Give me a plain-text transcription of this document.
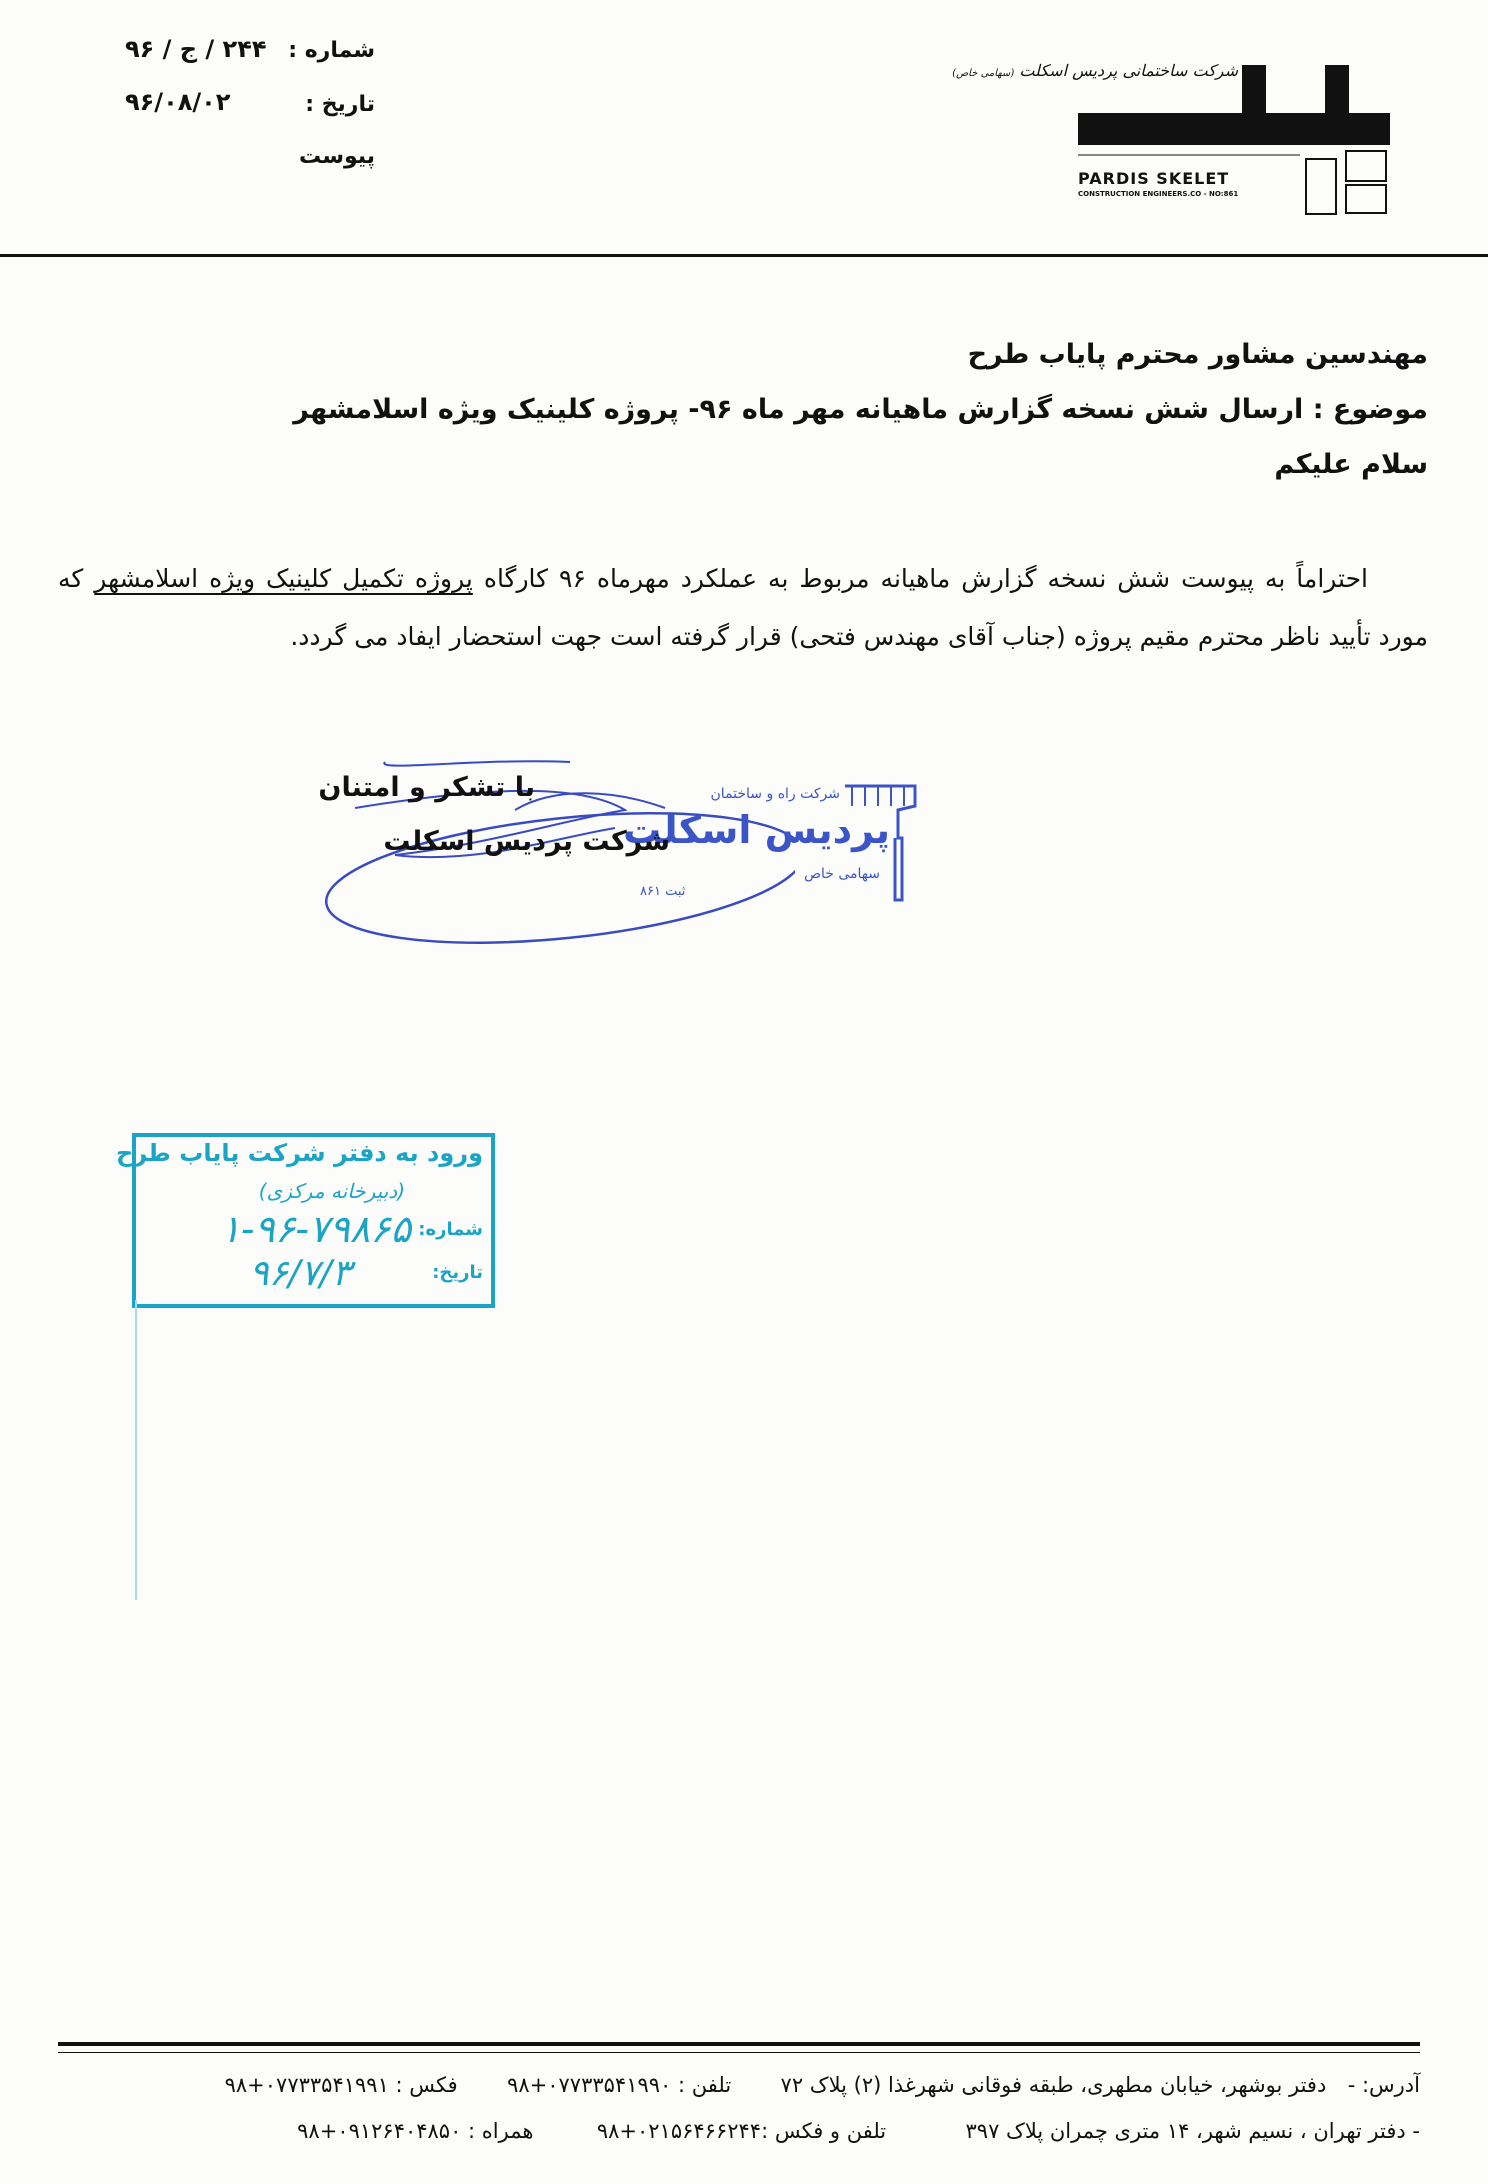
شماره :
۲۴۴ / ج / ۹۶
تاریخ :
۹۶/۰۸/۰۲
پیوست
شرکت ساختمانی پردیس اسکلت (سهامی خاص)
PARDIS SKELET
CONSTRUCTION ENGINEERS.CO - NO:861
مهندسین مشاور محترم پایاب طرح
موضوع : ارسال شش نسخه گزارش ماهیانه مهر ماه ۹۶- پروژه کلینیک ویژه اسلامشهر
سلام علیکم
احتراماً به پیوست شش نسخه گزارش ماهیانه مربوط به عملکرد مهرماه ۹۶ کارگاه پروژه تکمیل کلینیک ویژه اسلامشهر که مورد تأیید ناظر محترم مقیم پروژه (جناب آقای مهندس فتحی) قرار گرفته است جهت استحضار ایفاد می گردد.
شرکت راه و ساختمان
پردیس اسکلت
سهامی خاص
ثبت ۸۶۱
با تشکر و امتنان
شرکت پردیس اسکلت
ورود به دفتر شرکت پایاب طرح
(دبیرخانه مرکزی)
شماره:
۱-۹۶-۷۹۸۶۵
تاریخ:
۹۶/۷/۳
آدرس: -  دفتر بوشهر، خیابان مطهری، طبقه فوقانی شهرغذا (۲) پلاک ۷۲  تلفن : ۰۷۷۳۳۵۴۱۹۹۰+۹۸  فکس : ۰۷۷۳۳۵۴۱۹۹۱+۹۸
- دفتر تهران ، نسیم شهر، ۱۴ متری چمران پلاک ۳۹۷  تلفن و فکس :۰۲۱۵۶۴۶۶۲۴۴+۹۸  همراه : ۰۹۱۲۶۴۰۴۸۵۰+۹۸
